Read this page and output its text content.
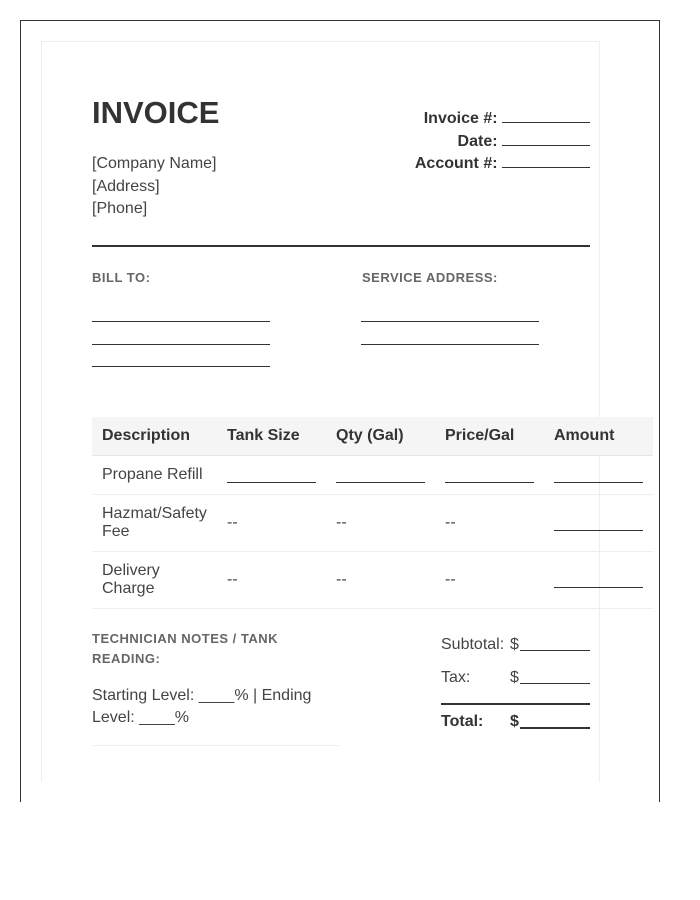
INVOICE
[Company Name]
[Address]
[Phone]
Invoice #:
Date:
Account #:
BILL TO:	SERVICE ADDRESS:
Description	Tank Size	Qty (Gal)	Price/Gal	Amount
Propane Refill				
Hazmat/Safety Fee	--	--	--	
Delivery Charge	--	--	--	
TECHNICIAN NOTES / TANK READING:
Starting Level: ____% | Ending Level: ____%
Subtotal: $
Tax: $
Total: $
